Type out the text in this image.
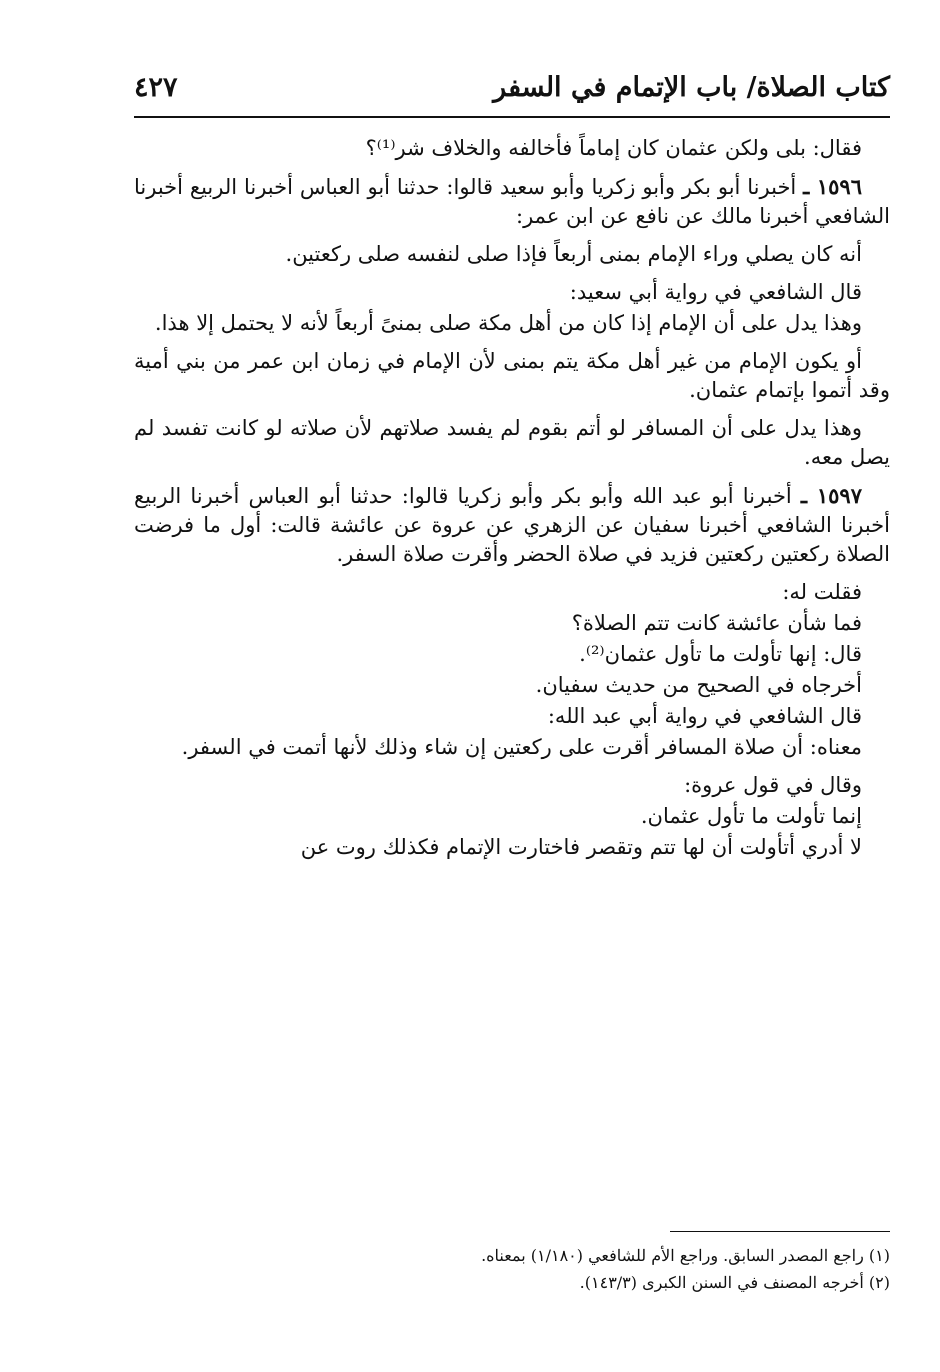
كتاب الصلاة/ باب الإتمام في السفر
٤٢٧

فقال: بلى ولكن عثمان كان إماماً فأخالفه والخلاف شر⁽¹⁾؟

١٥٩٦ ـ أخبرنا أبو بكر وأبو زكريا وأبو سعيد قالوا: حدثنا أبو العباس أخبرنا الربيع أخبرنا الشافعي أخبرنا مالك عن نافع عن ابن عمر:

أنه كان يصلي وراء الإمام بمنى أربعاً فإذا صلى لنفسه صلى ركعتين.

قال الشافعي في رواية أبي سعيد:

وهذا يدل على أن الإمام إذا كان من أهل مكة صلى بمنىً أربعاً لأنه لا يحتمل إلا هذا.

أو يكون الإمام من غير أهل مكة يتم بمنى لأن الإمام في زمان ابن عمر من بني أمية وقد أتموا بإتمام عثمان.

وهذا يدل على أن المسافر لو أتم بقوم لم يفسد صلاتهم لأن صلاته لو كانت تفسد لم يصل معه.

١٥٩٧ ـ أخبرنا أبو عبد الله وأبو بكر وأبو زكريا قالوا: حدثنا أبو العباس أخبرنا الربيع أخبرنا الشافعي أخبرنا سفيان عن الزهري عن عروة عن عائشة قالت: أول ما فرضت الصلاة ركعتين ركعتين فزيد في صلاة الحضر وأقرت صلاة السفر.

فقلت له:

فما شأن عائشة كانت تتم الصلاة؟

قال: إنها تأولت ما تأول عثمان⁽²⁾.

أخرجاه في الصحيح من حديث سفيان.

قال الشافعي في رواية أبي عبد الله:

معناه: أن صلاة المسافر أقرت على ركعتين إن شاء وذلك لأنها أتمت في السفر.

وقال في قول عروة:

إنما تأولت ما تأول عثمان.

لا أدري أتأولت أن لها تتم وتقصر فاختارت الإتمام فكذلك روت عن

(١) راجع المصدر السابق. وراجع الأم للشافعي (١/١٨٠) بمعناه.

(٢) أخرجه المصنف في السنن الكبرى (١٤٣/٣).
